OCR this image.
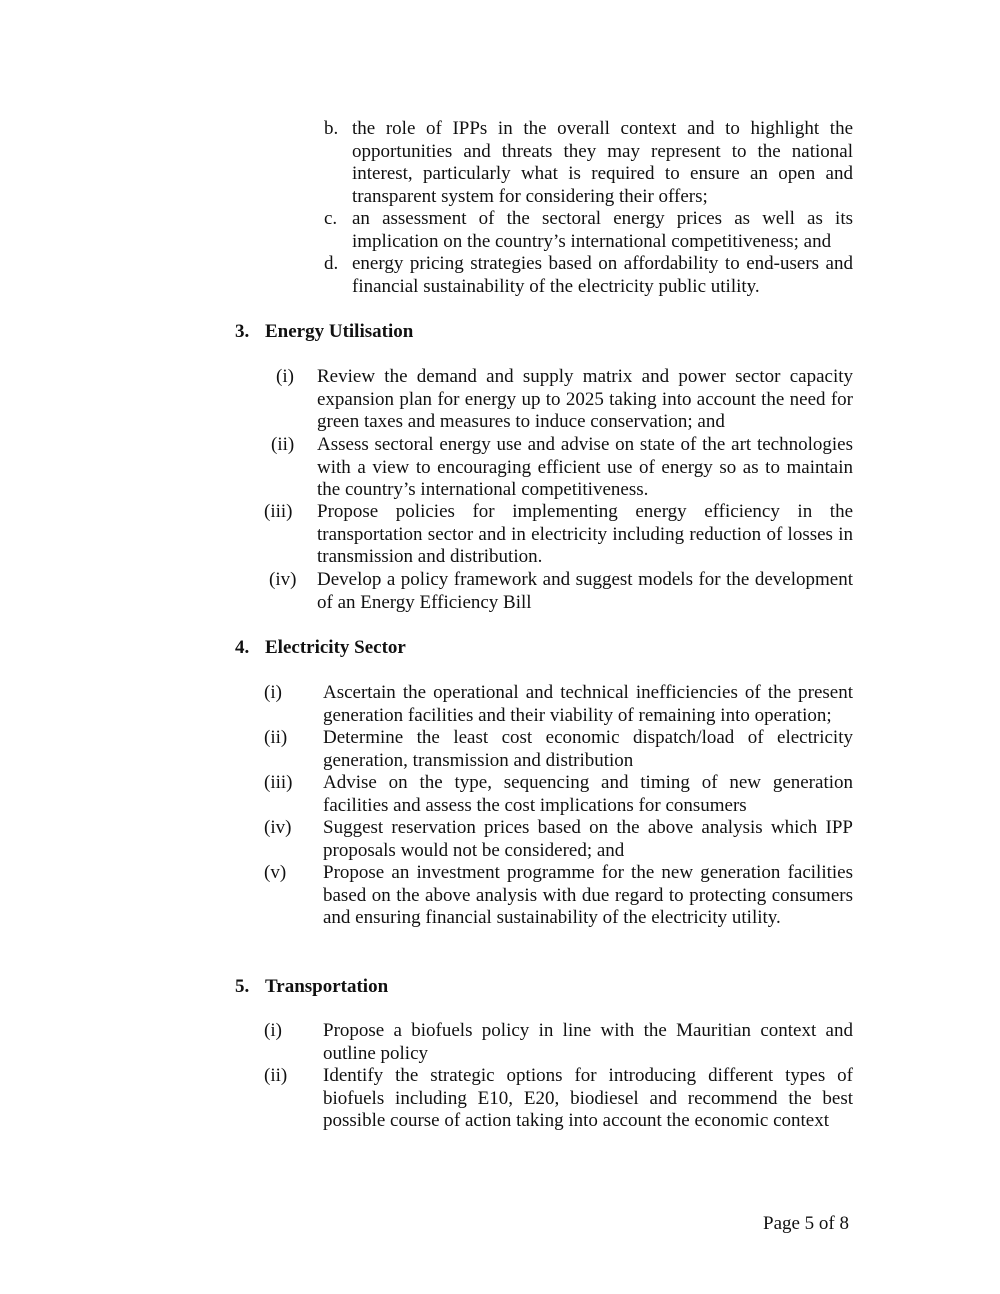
b. the role of IPPs in the overall context and to highlight the opportunities and threats they may represent to the national interest, particularly what is required to ensure an open and transparent system for considering their offers;
c. an assessment of the sectoral energy prices as well as its implication on the country’s international competitiveness; and
d. energy pricing strategies based on affordability to end-users and financial sustainability of the electricity public utility.
3. Energy Utilisation
(i) Review the demand and supply matrix and power sector capacity expansion plan for energy up to 2025 taking into account the need for green taxes and measures to induce conservation; and
(ii) Assess sectoral energy use and advise on state of the art technologies with a view to encouraging efficient use of energy so as to maintain the country’s international competitiveness.
(iii) Propose policies for implementing energy efficiency in the transportation sector and in electricity including reduction of losses in transmission and distribution.
(iv) Develop a policy framework and suggest models for the development of an Energy Efficiency Bill
4. Electricity Sector
(i) Ascertain the operational and technical inefficiencies of the present generation facilities and their viability of remaining into operation;
(ii) Determine the least cost economic dispatch/load of electricity generation, transmission and distribution
(iii) Advise on the type, sequencing and timing of new generation facilities and assess the cost implications for consumers
(iv) Suggest reservation prices based on the above analysis which IPP proposals would not be considered; and
(v) Propose an investment programme for the new generation facilities based on the above analysis with due regard to protecting consumers and ensuring financial sustainability of the electricity utility.
5. Transportation
(i) Propose a biofuels policy in line with the Mauritian context and outline policy
(ii) Identify the strategic options for introducing different types of biofuels including E10, E20, biodiesel and recommend the best possible course of action taking into account the economic context
Page 5 of 8
